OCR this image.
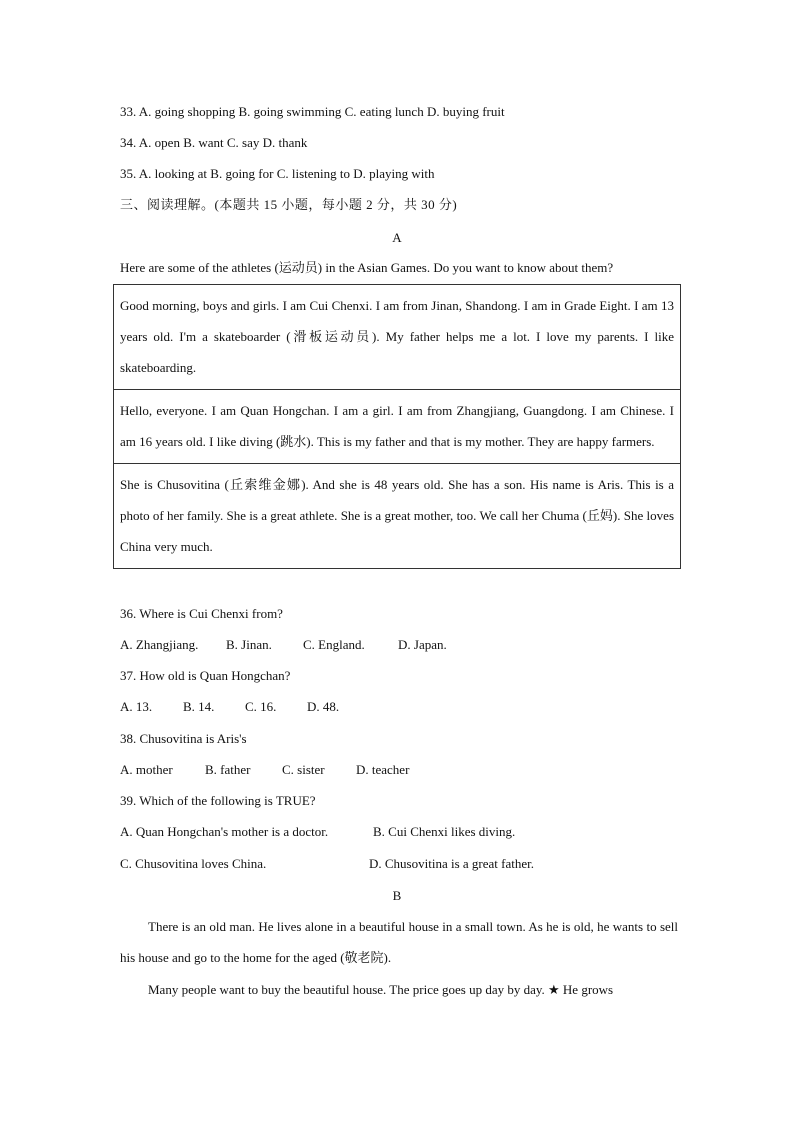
33. A. going shopping B. going swimming C. eating lunch D. buying fruit
34. A. open B. want C. say D. thank
35. A. looking at B. going for C. listening to D. playing with
三、阅读理解。(本题共 15 小题，每小题 2 分，共 30 分)
A
Here are some of the athletes (运动员) in the Asian Games. Do you want to know about them?
Good morning, boys and girls. I am Cui Chenxi. I am from Jinan, Shandong. I am in Grade Eight. I am 13 years old. I'm a skateboarder (滑板运动员). My father helps me a lot. I love my parents. I like skateboarding.
Hello, everyone. I am Quan Hongchan. I am a girl. I am from Zhangjiang, Guangdong. I am Chinese. I am 16 years old. I like diving (跳水). This is my father and that is my mother. They are happy farmers.
She is Chusovitina (丘索维金娜). And she is 48 years old. She has a son. His name is Aris. This is a photo of her family. She is a great athlete. She is a great mother, too. We call her Chuma (丘妈). She loves China very much.
36. Where is Cui Chenxi from?
A. Zhangjiang. B. Jinan. C. England.	D. Japan.
37. How old is Quan Hongchan?
A. 13. B. 14. C. 16. D. 48.
38. Chusovitina is Aris's
A. mother B. father C. sister D. teacher
39. Which of the following is TRUE?
A. Quan Hongchan's mother is a doctor.	B. Cui Chenxi likes diving.
C. Chusovitina loves China.	D. Chusovitina is a great father.
B
There is an old man. He lives alone in a beautiful house in a small town. As he is old, he wants to sell his house and go to the home for the aged (敬老院).
Many people want to buy the beautiful house. The price goes up day by day. ★ He grows
